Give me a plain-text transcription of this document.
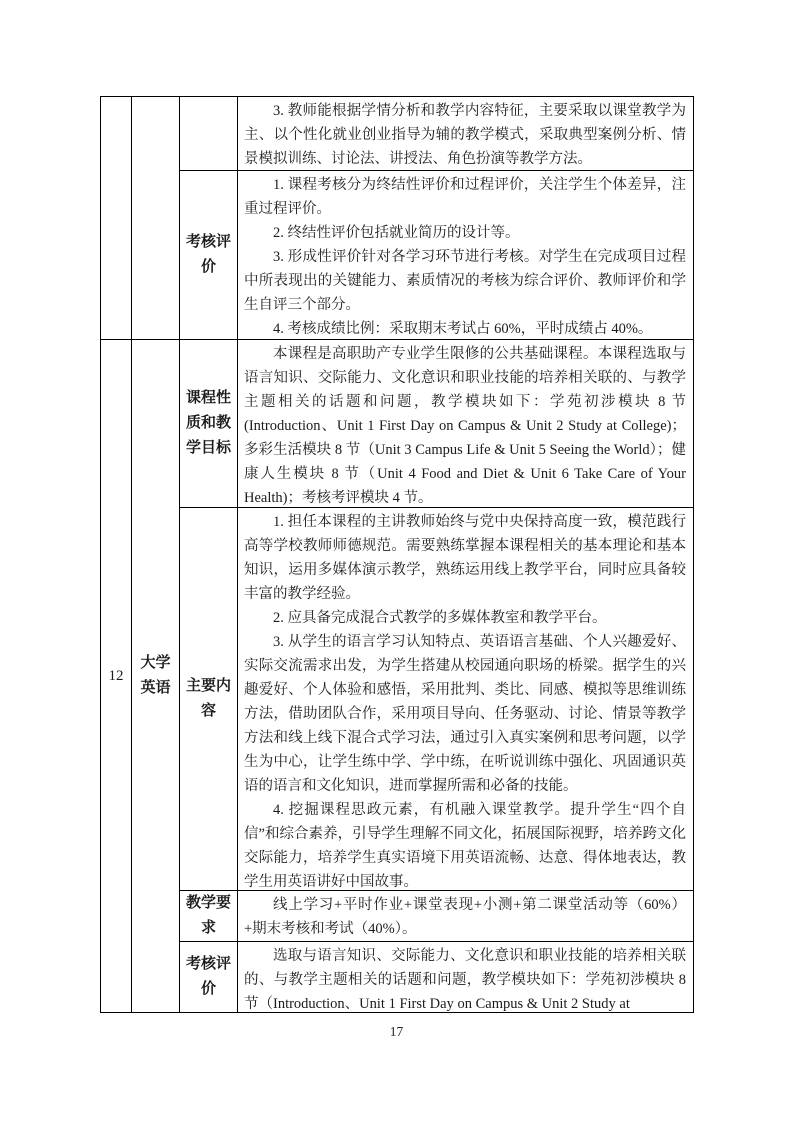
			3. 教师能根据学情分析和教学内容特征，主要采取以课堂教学为主、以个性化就业创业指导为辅的教学模式，采取典型案例分析、情景模拟训练、讨论法、讲授法、角色扮演等教学方法。

		考核评价	1. 课程考核分为终结性评价和过程评价，关注学生个体差异，注重过程评价。

2. 终结性评价包括就业简历的设计等。

3. 形成性评价针对各学习环节进行考核。对学生在完成项目过程中所表现出的关键能力、素质情况的考核为综合评价、教师评价和学生自评三个部分。

4. 考核成绩比例：采取期末考试占 60%，平时成绩占 40%。

12	大学英语	课程性质和教学目标	本课程是高职助产专业学生限修的公共基础课程。本课程选取与语言知识、交际能力、文化意识和职业技能的培养相关联的、与教学主题相关的话题和问题，教学模块如下：学苑初涉模块 8 节(Introduction、Unit 1 First Day on Campus & Unit 2 Study at College)；多彩生活模块 8 节（Unit 3 Campus Life & Unit 5 Seeing the World）；健康人生模块 8 节（Unit 4 Food and Diet & Unit 6 Take Care of Your Health)；考核考评模块 4 节。

		主要内容	1. 担任本课程的主讲教师始终与党中央保持高度一致，模范践行高等学校教师师德规范。需要熟练掌握本课程相关的基本理论和基本知识，运用多媒体演示教学，熟练运用线上教学平台，同时应具备较丰富的教学经验。

2. 应具备完成混合式教学的多媒体教室和教学平台。

3. 从学生的语言学习认知特点、英语语言基础、个人兴趣爱好、实际交流需求出发，为学生搭建从校园通向职场的桥梁。据学生的兴趣爱好、个人体验和感悟，采用批判、类比、同感、模拟等思维训练方法，借助团队合作，采用项目导向、任务驱动、讨论、情景等教学方法和线上线下混合式学习法，通过引入真实案例和思考问题，以学生为中心，让学生练中学、学中练，在听说训练中强化、巩固通识英语的语言和文化知识，进而掌握所需和必备的技能。

4. 挖掘课程思政元素，有机融入课堂教学。提升学生“四个自信”和综合素养，引导学生理解不同文化，拓展国际视野，培养跨文化交际能力，培养学生真实语境下用英语流畅、达意、得体地表达，教学生用英语讲好中国故事。

		教学要求	线上学习+平时作业+课堂表现+小测+第二课堂活动等（60%）+期末考核和考试（40%）。

		考核评价	选取与语言知识、交际能力、文化意识和职业技能的培养相关联的、与教学主题相关的话题和问题，教学模块如下：学苑初涉模块 8 节（Introduction、Unit 1 First Day on Campus & Unit 2 Study at

17
